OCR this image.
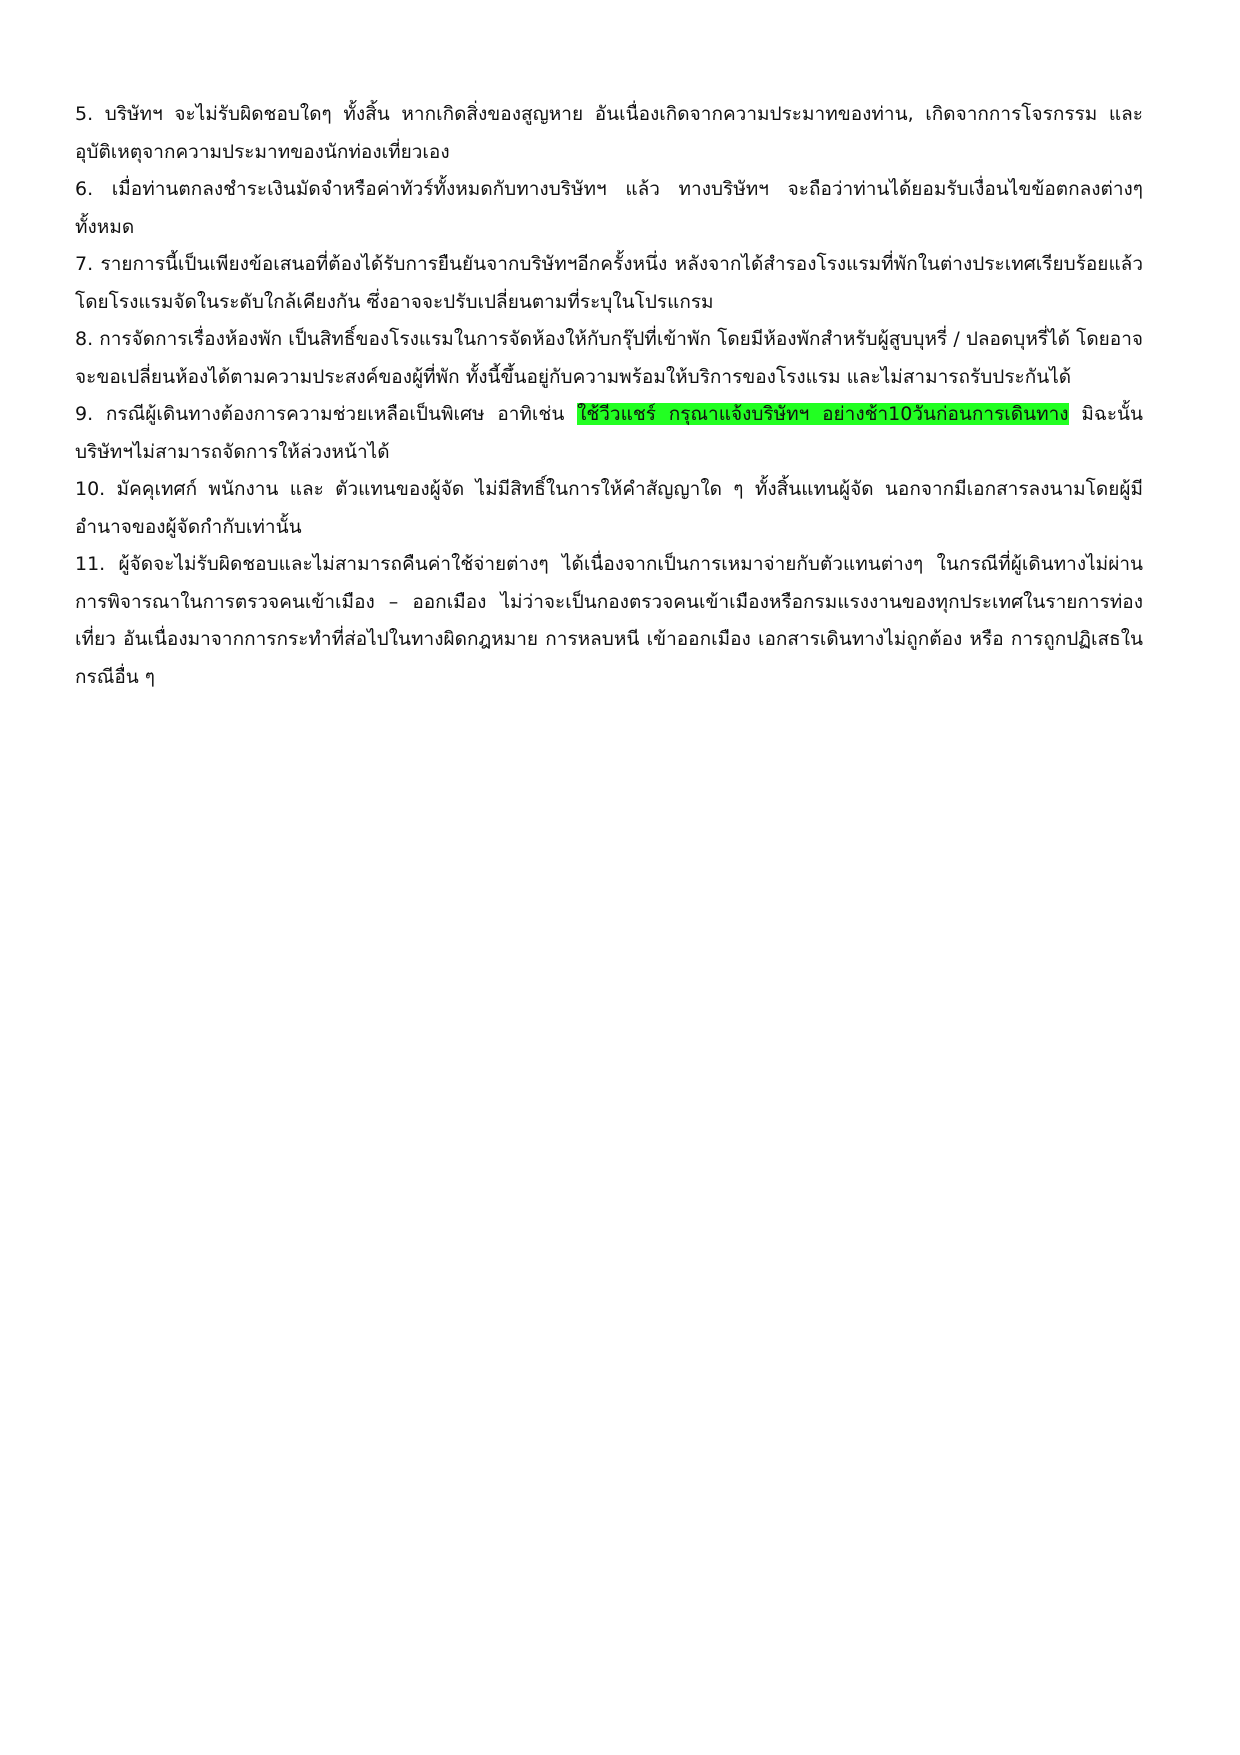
5. บริษัทฯ จะไม่รับผิดชอบใดๆ ทั้งสิ้น หากเกิดสิ่งของสูญหาย อันเนื่องเกิดจากความประมาทของท่าน, เกิดจากการโจรกรรม และ อุบัติเหตุจากความประมาทของนักท่องเที่ยวเอง

6. เมื่อท่านตกลงชำระเงินมัดจำหรือค่าทัวร์ทั้งหมดกับทางบริษัทฯ แล้ว ทางบริษัทฯ จะถือว่าท่านได้ยอมรับเงื่อนไขข้อตกลงต่างๆ ทั้งหมด

7. รายการนี้เป็นเพียงข้อเสนอที่ต้องได้รับการยืนยันจากบริษัทฯอีกครั้งหนึ่ง หลังจากได้สำรองโรงแรมที่พักในต่างประเทศเรียบร้อยแล้ว โดยโรงแรมจัดในระดับใกล้เคียงกัน ซึ่งอาจจะปรับเปลี่ยนตามที่ระบุในโปรแกรม

8. การจัดการเรื่องห้องพัก เป็นสิทธิ์ของโรงแรมในการจัดห้องให้กับกรุ๊ปที่เข้าพัก โดยมีห้องพักสำหรับผู้สูบบุหรี่ / ปลอดบุหรี่ได้ โดยอาจจะขอเปลี่ยนห้องได้ตามความประสงค์ของผู้ที่พัก ทั้งนี้ขึ้นอยู่กับความพร้อมให้บริการของโรงแรม และไม่สามารถรับประกันได้

9. กรณีผู้เดินทางต้องการความช่วยเหลือเป็นพิเศษ อาทิเช่น ใช้วีวแชร์ กรุณาแจ้งบริษัทฯ อย่างช้า10วันก่อนการเดินทาง มิฉะนั้น บริษัทฯไม่สามารถจัดการให้ล่วงหน้าได้

10. มัคคุเทศก์ พนักงาน และ ตัวแทนของผู้จัด ไม่มีสิทธิ์ในการให้คำสัญญาใด ๆ ทั้งสิ้นแทนผู้จัด นอกจากมีเอกสารลงนามโดยผู้มีอำนาจของผู้จัดกำกับเท่านั้น

11. ผู้จัดจะไม่รับผิดชอบและไม่สามารถคืนค่าใช้จ่ายต่างๆ ได้เนื่องจากเป็นการเหมาจ่ายกับตัวแทนต่างๆ ในกรณีที่ผู้เดินทางไม่ผ่านการพิจารณาในการตรวจคนเข้าเมือง – ออกเมือง ไม่ว่าจะเป็นกองตรวจคนเข้าเมืองหรือกรมแรงงานของทุกประเทศในรายการท่องเที่ยว อันเนื่องมาจากการกระทำที่ส่อไปในทางผิดกฎหมาย การหลบหนี เข้าออกเมือง เอกสารเดินทางไม่ถูกต้อง หรือ การถูกปฏิเสธในกรณีอื่น ๆ
